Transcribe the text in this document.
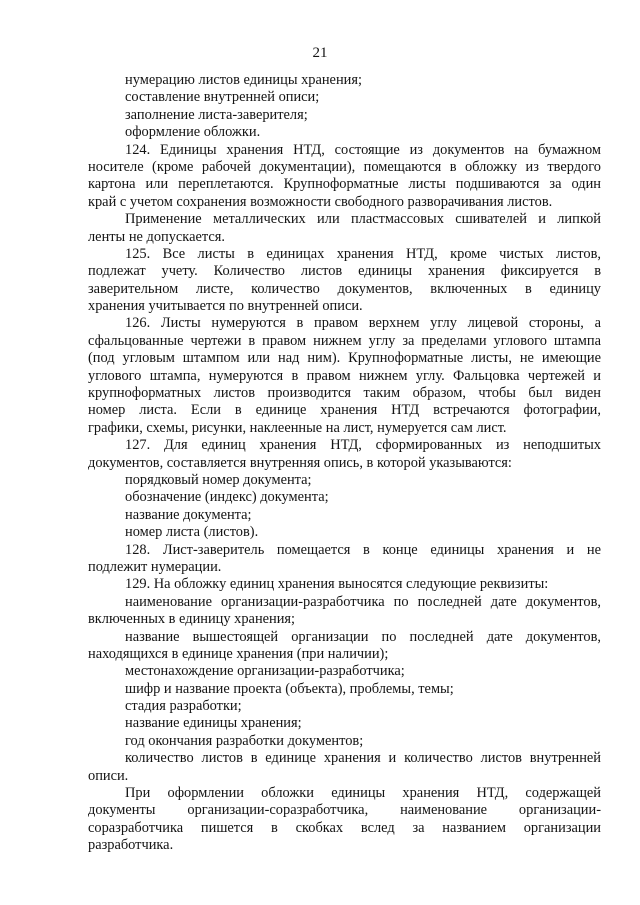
21
нумерацию листов единицы хранения;
составление внутренней описи;
заполнение листа-заверителя;
оформление обложки.
124. Единицы хранения НТД, состоящие из документов на бумажном
носителе (кроме рабочей документации), помещаются в обложку из твердого
картона или переплетаются. Крупноформатные листы подшиваются за один
край с учетом сохранения возможности свободного разворачивания листов.
Применение металлических или пластмассовых сшивателей и липкой
ленты не допускается.
125. Все листы в единицах хранения НТД, кроме чистых листов,
подлежат учету. Количество листов единицы хранения фиксируется в
заверительном листе, количество документов, включенных в единицу
хранения учитывается по внутренней описи.
126. Листы нумеруются в правом верхнем углу лицевой стороны, а
сфальцованные чертежи в правом нижнем углу за пределами углового штампа
(под угловым штампом или над ним). Крупноформатные листы, не имеющие
углового штампа, нумеруются в правом нижнем углу. Фальцовка чертежей и
крупноформатных листов производится таким образом, чтобы был виден
номер листа. Если в единице хранения НТД встречаются фотографии,
графики, схемы, рисунки, наклеенные на лист, нумеруется сам лист.
127. Для единиц хранения НТД, сформированных из неподшитых
документов, составляется внутренняя опись, в которой указываются:
порядковый номер документа;
обозначение (индекс) документа;
название документа;
номер листа (листов).
128. Лист-заверитель помещается в конце единицы хранения и не
подлежит нумерации.
129. На обложку единиц хранения выносятся следующие реквизиты:
наименование организации-разработчика по последней дате документов,
включенных в единицу хранения;
название вышестоящей организации по последней дате документов,
находящихся в единице хранения (при наличии);
местонахождение организации-разработчика;
шифр и название проекта (объекта), проблемы, темы;
стадия разработки;
название единицы хранения;
год окончания разработки документов;
количество листов в единице хранения и количество листов внутренней
описи.
При оформлении обложки единицы хранения НТД, содержащей
документы организации-соразработчика, наименование организации-
соразработчика пишется в скобках вслед за названием организации
разработчика.
